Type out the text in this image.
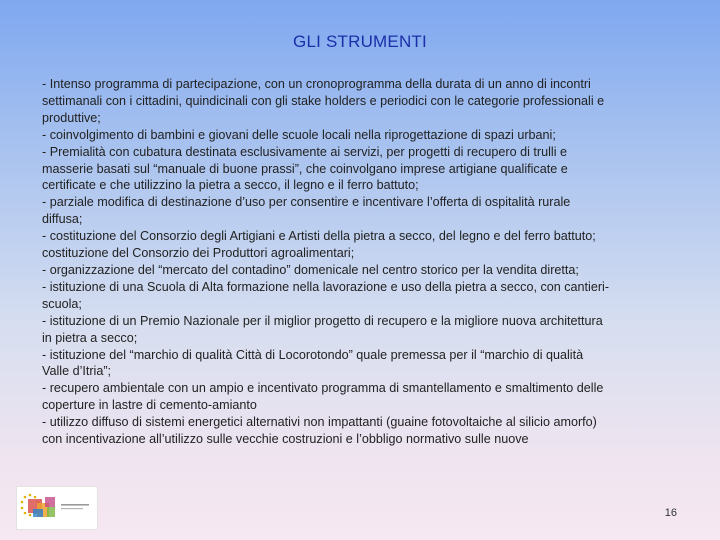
GLI STRUMENTI
- Intenso programma di partecipazione, con un cronoprogramma della durata di un anno di incontri
settimanali con i cittadini, quindicinali con gli stake holders e periodici con le categorie professionali e
produttive;
- coinvolgimento di bambini e giovani delle scuole locali nella riprogettazione di spazi urbani;
- Premialità con cubatura destinata esclusivamente ai servizi, per progetti di recupero di trulli e
masserie basati sul “manuale di buone prassi”, che coinvolgano imprese artigiane qualificate e
certificate e che utilizzino la pietra a secco, il legno e il ferro battuto;
- parziale modifica di destinazione d’uso per consentire e incentivare l’offerta di ospitalità rurale
diffusa;
- costituzione del Consorzio degli Artigiani e Artisti della pietra a secco, del legno e del ferro battuto;
costituzione del Consorzio dei Produttori agroalimentari;
- organizzazione del “mercato del contadino” domenicale nel centro storico per la vendita diretta;
- istituzione di una Scuola di Alta formazione nella lavorazione e uso della pietra a secco, con cantieri-
scuola;
- istituzione di un Premio Nazionale per il miglior progetto di recupero e la migliore nuova architettura
in pietra a secco;
- istituzione del “marchio di qualità Città di Locorotondo” quale premessa per il “marchio di qualità
Valle d’Itria”;
- recupero ambientale con un ampio e incentivato programma di smantellamento e smaltimento delle
coperture in lastre di cemento-amianto
- utilizzo diffuso di sistemi energetici alternativi non impattanti (guaine fotovoltaiche al silicio amorfo)
con incentivazione all’utilizzo sulle vecchie costruzioni e l’obbligo normativo sulle nuove
16
